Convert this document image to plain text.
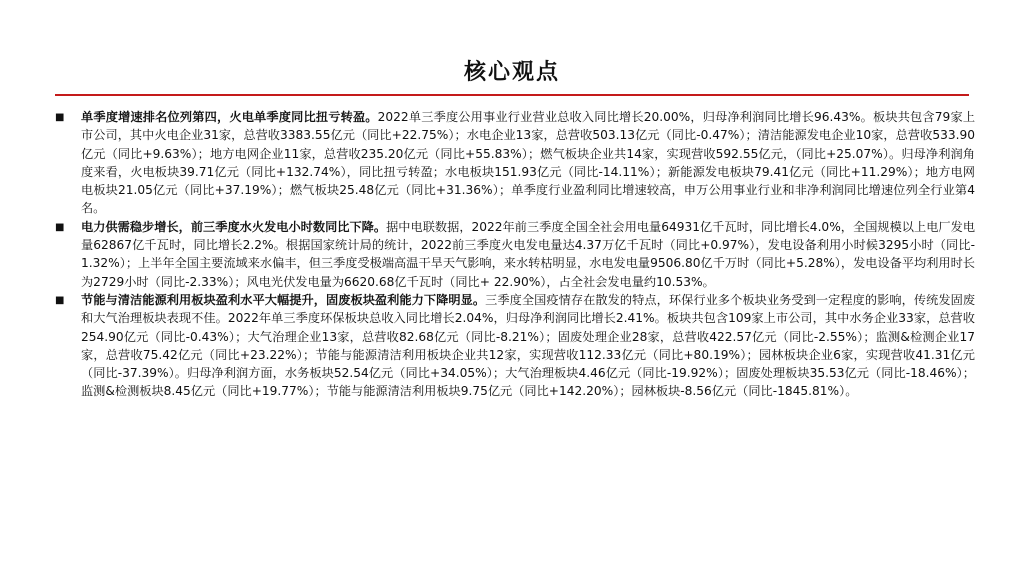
核心观点
■	单季度增速排名位列第四，火电单季度同比扭亏转盈。2022单三季度公用事业行业营业总收入同比增长20.00%，归母净利润同比增长96.43%。板块共包含79家上市公司，其中火电企业31家，总营收3383.55亿元（同比+22.75%）；水电企业13家，总营收503.13亿元（同比-0.47%）；清洁能源发电企业10家，总营收533.90亿元（同比+9.63%）；地方电网企业11家，总营收235.20亿元（同比+55.83%）；燃气板块企业共14家，实现营收592.55亿元，（同比+25.07%）。归母净利润角度来看，火电板块39.71亿元（同比+132.74%），同比扭亏转盈；水电板块151.93亿元（同比-14.11%）；新能源发电板块79.41亿元（同比+11.29%）；地方电网电板块21.05亿元（同比+37.19%）；燃气板块25.48亿元（同比+31.36%）；单季度行业盈利同比增速较高，申万公用事业行业和非净利润同比增速位列全行业第4名。

■	电力供需稳步增长，前三季度水火发电小时数同比下降。据中电联数据，2022年前三季度全国全社会用电量64931亿千瓦时，同比增长4.0%，全国规模以上电厂发电量62867亿千瓦时，同比增长2.2%。根据国家统计局的统计，2022前三季度火电发电量达4.37万亿千瓦时（同比+0.97%），发电设备利用小时候3295小时（同比-1.32%）；上半年全国主要流域来水偏丰，但三季度受极端高温干旱天气影响，来水转枯明显，水电发电量9506.80亿千万时（同比+5.28%），发电设备平均利用时长为2729小时（同比-2.33%）；风电光伏发电量为6620.68亿千瓦时（同比+ 22.90%），占全社会发电量约10.53%。

■	节能与清洁能源利用板块盈利水平大幅提升，固废板块盈利能力下降明显。三季度全国疫情存在散发的特点，环保行业多个板块业务受到一定程度的影响，传统发固废和大气治理板块表现不佳。2022年单三季度环保板块总收入同比增长2.04%，归母净利润同比增长2.41%。板块共包含109家上市公司，其中水务企业33家，总营收254.90亿元（同比-0.43%）；大气治理企业13家，总营收82.68亿元（同比-8.21%）；固废处理企业28家，总营收422.57亿元（同比-2.55%）；监测&检测企业17家，总营收75.42亿元（同比+23.22%）；节能与能源清洁利用板块企业共12家，实现营收112.33亿元（同比+80.19%）；园林板块企业6家，实现营收41.31亿元（同比-37.39%）。归母净利润方面，水务板块52.54亿元（同比+34.05%）；大气治理板块4.46亿元（同比-19.92%）；固废处理板块35.53亿元（同比-18.46%）；监测&检测板块8.45亿元（同比+19.77%）；节能与能源清洁利用板块9.75亿元（同比+142.20%）；园林板块-8.56亿元（同比-1845.81%）。
